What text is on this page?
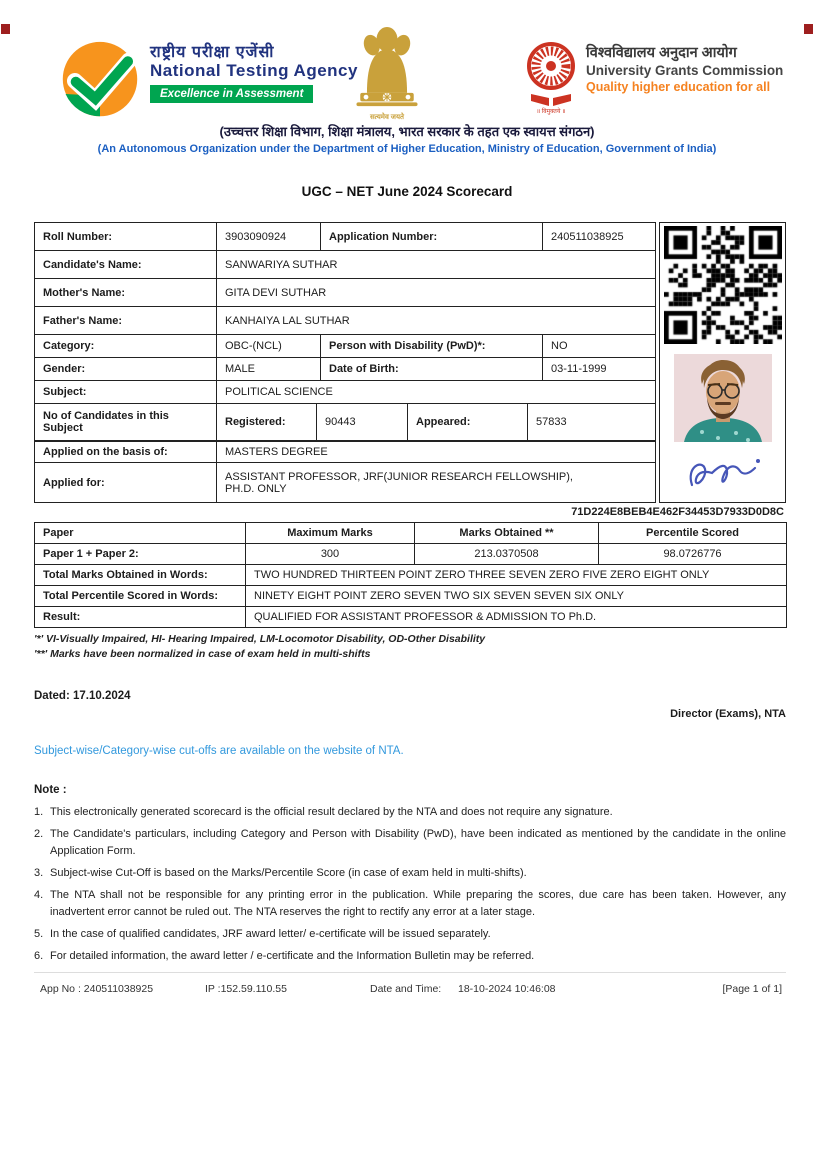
राष्ट्रीय परीक्षा एजेंसी
National Testing Agency
Excellence in Assessment
सत्यमेव जयते
॥ विमुक्तये ॥
विश्वविद्यालय अनुदान आयोग
University Grants Commission
Quality higher education for all
(उच्चत्तर शिक्षा विभाग, शिक्षा मंत्रालय, भारत सरकार के तहत एक स्वायत्त संगठन)
(An Autonomous Organization under the Department of Higher Education, Ministry of Education, Government of India)
UGC – NET June 2024 Scorecard
Roll Number:	3903090924	Application Number:	240511038925
Candidate's Name:	SANWARIYA SUTHAR		
Mother's Name:	GITA DEVI SUTHAR		
Father's Name:	KANHAIYA LAL SUTHAR		
Category:	OBC-(NCL)	Person with Disability (PwD)*:	NO
Gender:	MALE	Date of Birth:	03-11-1999
Subject:	POLITICAL SCIENCE		
No of Candidates in this Subject	Registered:	90443	Appeared:	57833
Applied on the basis of:	MASTERS DEGREE
Applied for:	ASSISTANT PROFESSOR, JRF(JUNIOR RESEARCH FELLOWSHIP), PH.D. ONLY
71D224E8BEB4E462F34453D7933D0D8C
Paper	Maximum Marks	Marks Obtained **	Percentile Scored
Paper 1 + Paper 2:	300	213.0370508	98.0726776
Total Marks Obtained in Words:	TWO HUNDRED THIRTEEN POINT ZERO THREE SEVEN ZERO FIVE ZERO EIGHT ONLY		
Total Percentile Scored in Words:	NINETY EIGHT POINT ZERO SEVEN TWO SIX SEVEN SEVEN SIX ONLY		
Result:	QUALIFIED FOR ASSISTANT PROFESSOR & ADMISSION TO Ph.D.		
'*' VI-Visually Impaired, HI- Hearing Impaired, LM-Locomotor Disability, OD-Other Disability
'**' Marks have been normalized in case of exam held in multi-shifts
Dated: 17.10.2024
Director (Exams), NTA
Subject-wise/Category-wise cut-offs are available on the website of NTA.
Note :
1. This electronically generated scorecard is the official result declared by the NTA and does not require any signature.
2. The Candidate's particulars, including Category and Person with Disability (PwD), have been indicated as mentioned by the candidate in the online Application Form.
3. Subject-wise Cut-Off is based on the Marks/Percentile Score (in case of exam held in multi-shifts).
4. The NTA shall not be responsible for any printing error in the publication. While preparing the scores, due care has been taken. However, any inadvertent error cannot be ruled out. The NTA reserves the right to rectify any error at a later stage.
5. In the case of qualified candidates, JRF award letter/ e-certificate will be issued separately.
6. For detailed information, the award letter / e-certificate and the Information Bulletin may be referred.
App No : 240511038925	IP :152.59.110.55	Date and Time: 18-10-2024 10:46:08	[Page 1 of 1]
